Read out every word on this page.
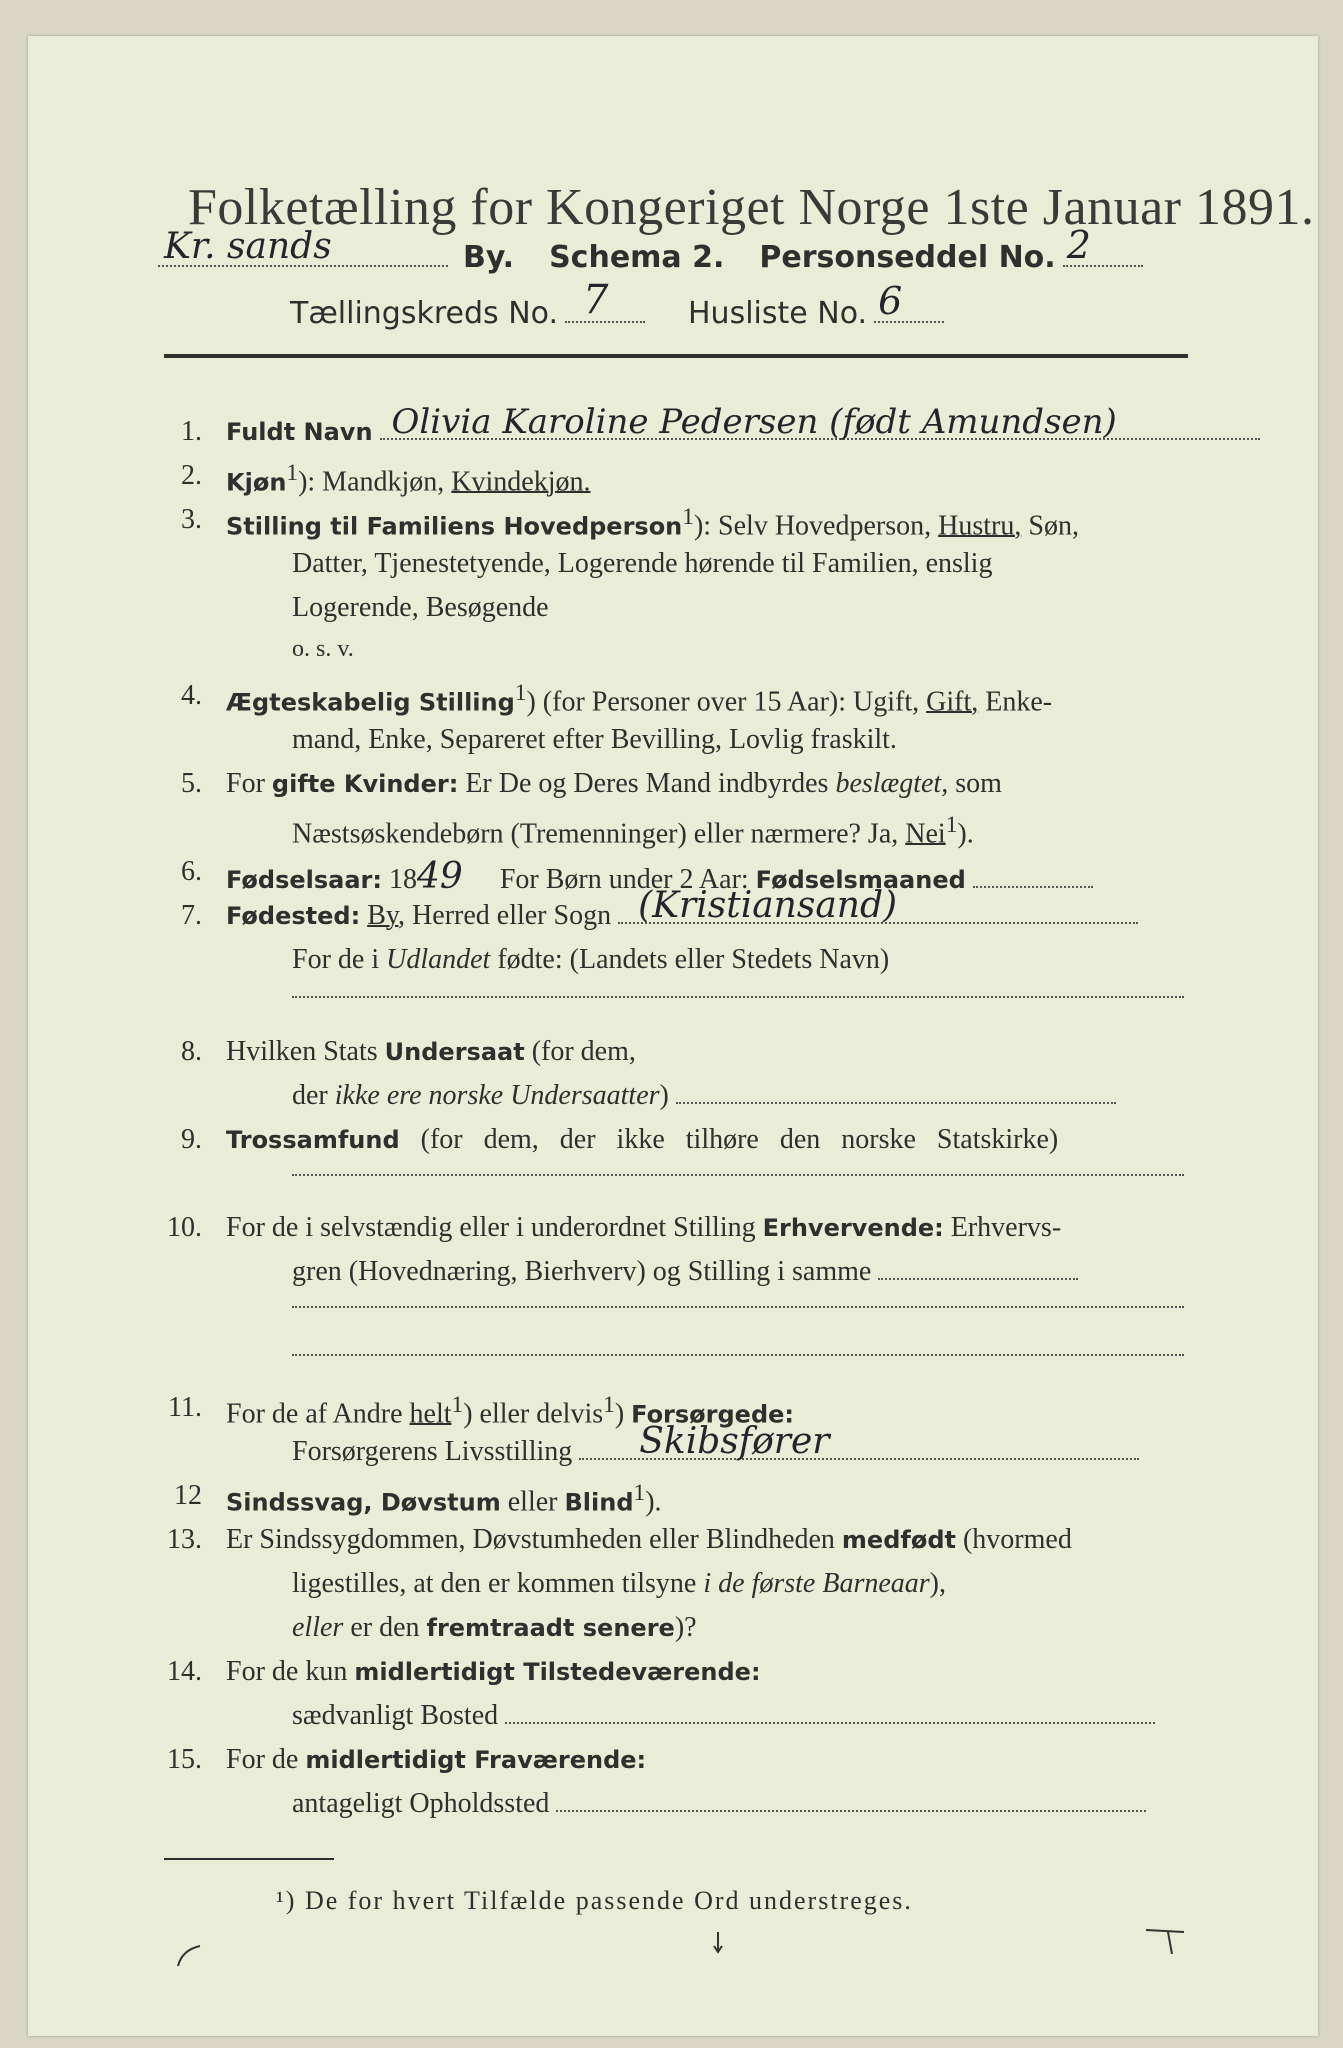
Folketælling for Kongeriget Norge 1ste Januar 1891.
Kr. sands	By. Schema 2. Personseddel No. 2
Tællingskreds No. 7	Husliste No. 6
1. Fuldt Navn Olivia Karoline Pedersen (født Amundsen)
2. Kjøn$^1$): Mandkjøn, Kvindekjøn.
3. Stilling til Familiens Hovedperson$^1$): Selv Hovedperson, Hustru, Søn,
Datter, Tjenestetyende, Logerende hørende til Familien, enslig
Logerende, Besøgende
o. s. v.
4. Ægteskabelig Stilling$^1$) (for Personer over 15 Aar): Ugift, Gift, Enke-
mand, Enke, Separeret efter Bevilling, Lovlig fraskilt.
5. For gifte Kvinder: Er De og Deres Mand indbyrdes beslægtet, som
Næstsøskendebørn (Tremenninger) eller nærmere? Ja, Nei$^1$).
6. Fødselsaar: 1849 For Børn under 2 Aar: Fødselsmaaned
7. Fødested: By, Herred eller Sogn (Kristiansand)
For de i Udlandet fødte: (Landets eller Stedets Navn)
8. Hvilken Stats Undersaat (for dem,
der ikke ere norske Undersaatter)
9. Trossamfund (for dem, der ikke tilhøre den norske Statskirke)
10. For de i selvstændig eller i underordnet Stilling Erhvervende: Erhvervs-
gren (Hovednæring, Bierhverv) og Stilling i samme
11. For de af Andre helt$^1$) eller delvis$^1$) Forsørgede:
Forsørgerens Livsstilling Skibsfører
12 Sindssvag, Døvstum eller Blind$^1$).
13. Er Sindssygdommen, Døvstumheden eller Blindheden medfødt (hvormed
ligestilles, at den er kommen tilsyne i de første Barneaar),
eller er den fremtraadt senere)?
14. For de kun midlertidigt Tilstedeværende:
sædvanligt Bosted
15. For de midlertidigt Fraværende:
antageligt Opholdssted
¹) De for hvert Tilfælde passende Ord understreges.
